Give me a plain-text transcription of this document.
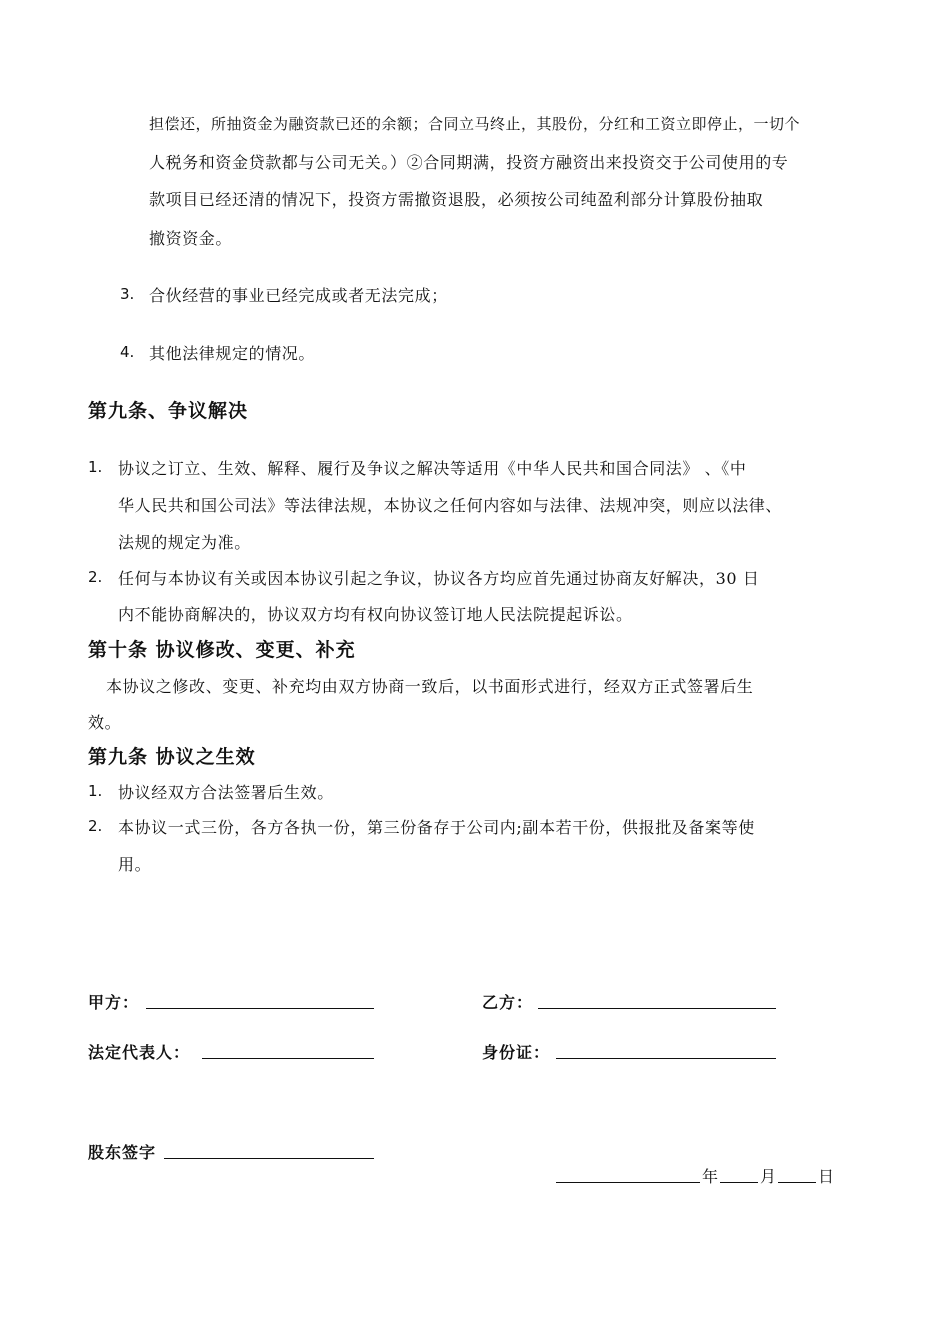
担偿还，所抽资金为融资款已还的余额；合同立马终止，其股份，分红和工资立即停止，一切个
人税务和资金贷款都与公司无关。）②合同期满，投资方融资出来投资交于公司使用的专
款项目已经还清的情况下，投资方需撤资退股，必须按公司纯盈利部分计算股份抽取
撤资资金。
3. 合伙经营的事业已经完成或者无法完成；
4. 其他法律规定的情况。
第九条、争议解决
1. 协议之订立、生效、解释、履行及争议之解决等适用《中华人民共和国合同法》 、《中
华人民共和国公司法》等法律法规，本协议之任何内容如与法律、法规冲突，则应以法律、
法规的规定为准。
2. 任何与本协议有关或因本协议引起之争议，协议各方均应首先通过协商友好解决，30 日
内不能协商解决的，协议双方均有权向协议签订地人民法院提起诉讼。
第十条 协议修改、变更、补充
本协议之修改、变更、补充均由双方协商一致后，以书面形式进行，经双方正式签署后生
效。
第九条 协议之生效
1. 协议经双方合法签署后生效。
2. 本协议一式三份，各方各执一份，第三份备存于公司内;副本若干份，供报批及备案等使
用。
甲方：	乙方：
法定代表人：	身份证：
股东签字
年	月	日
